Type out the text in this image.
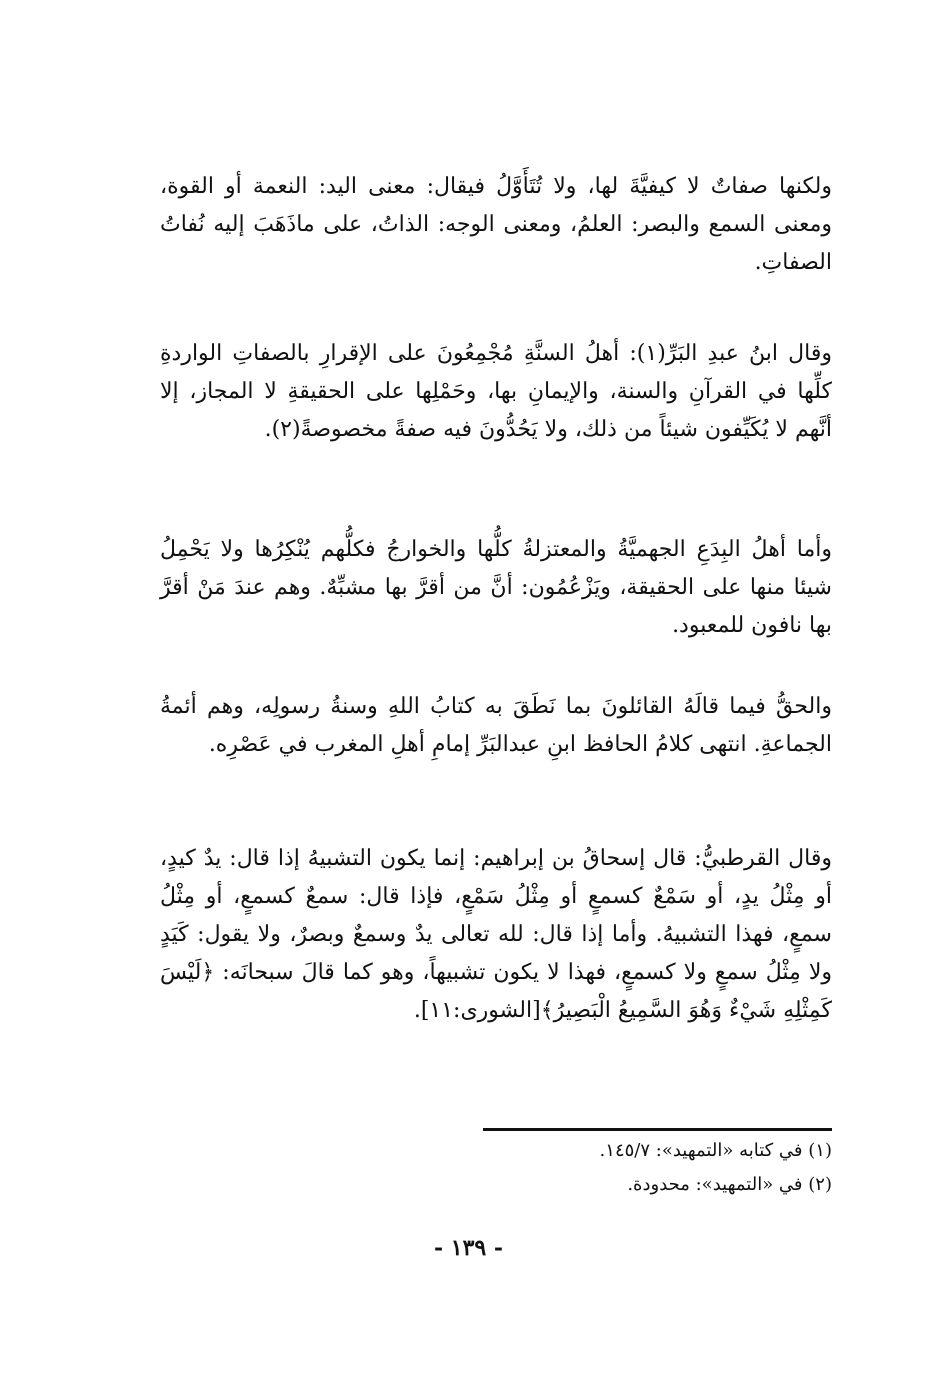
ولكنها صفاتٌ لا كيفيَّةَ لها، ولا تُتَأَوَّلُ فيقال: معنى اليد: النعمة أو القوة، ومعنى السمع والبصر: العلمُ، ومعنى الوجه: الذاتُ، على ماذَهَبَ إليه نُفاتُ الصفاتِ.

وقال ابنُ عبدِ البَرِّ(١): أهلُ السنَّةِ مُجْمِعُونَ على الإقرارِ بالصفاتِ الواردةِ كلِّها في القرآنِ والسنة، والإيمانِ بها، وحَمْلِها على الحقيقةِ لا المجاز، إلا أنَّهم لا يُكَيِّفون شيئاً من ذلك، ولا يَحُدُّونَ فيه صفةً مخصوصةً(٢).

وأما أهلُ البِدَعِ الجهميَّةُ والمعتزلةُ كلُّها والخوارجُ فكلُّهم يُنْكِرُها ولا يَحْمِلُ شيئا منها على الحقيقة، ويَزْعُمُون: أنَّ من أقرَّ بها مشبِّهٌ. وهم عندَ مَنْ أقرَّ بها نافون للمعبود.

والحقُّ فيما قالَهُ القائلونَ بما نَطَقَ به كتابُ اللهِ وسنةُ رسولِه، وهم أئمةُ الجماعةِ. انتهى كلامُ الحافظ ابنِ عبدالبَرِّ إمامِ أهلِ المغرب في عَصْرِه.

وقال القرطبيُّ: قال إسحاقُ بن إبراهيم: إنما يكون التشبيهُ إذا قال: يدٌ كيدٍ، أو مِثْلُ يدٍ، أو سَمْعٌ كسمعٍ أو مِثْلُ سَمْعٍ، فإذا قال: سمعٌ كسمعٍ، أو مِثْلُ سمعٍ، فهذا التشبيهُ. وأما إذا قال: لله تعالى يدٌ وسمعٌ وبصرٌ، ولا يقول: كَيَدٍ ولا مِثْلُ سمعٍ ولا كسمعٍ، فهذا لا يكون تشبيهاً، وهو كما قالَ سبحانَه: ﴿لَيْسَ كَمِثْلِهِ شَيْءٌ وَهُوَ السَّمِيعُ الْبَصِيرُ﴾[الشورى:١١].

(١) في كتابه «التمهيد»: ١٤٥/٧.
(٢) في «التمهيد»: محدودة.
- ١٣٩ -
